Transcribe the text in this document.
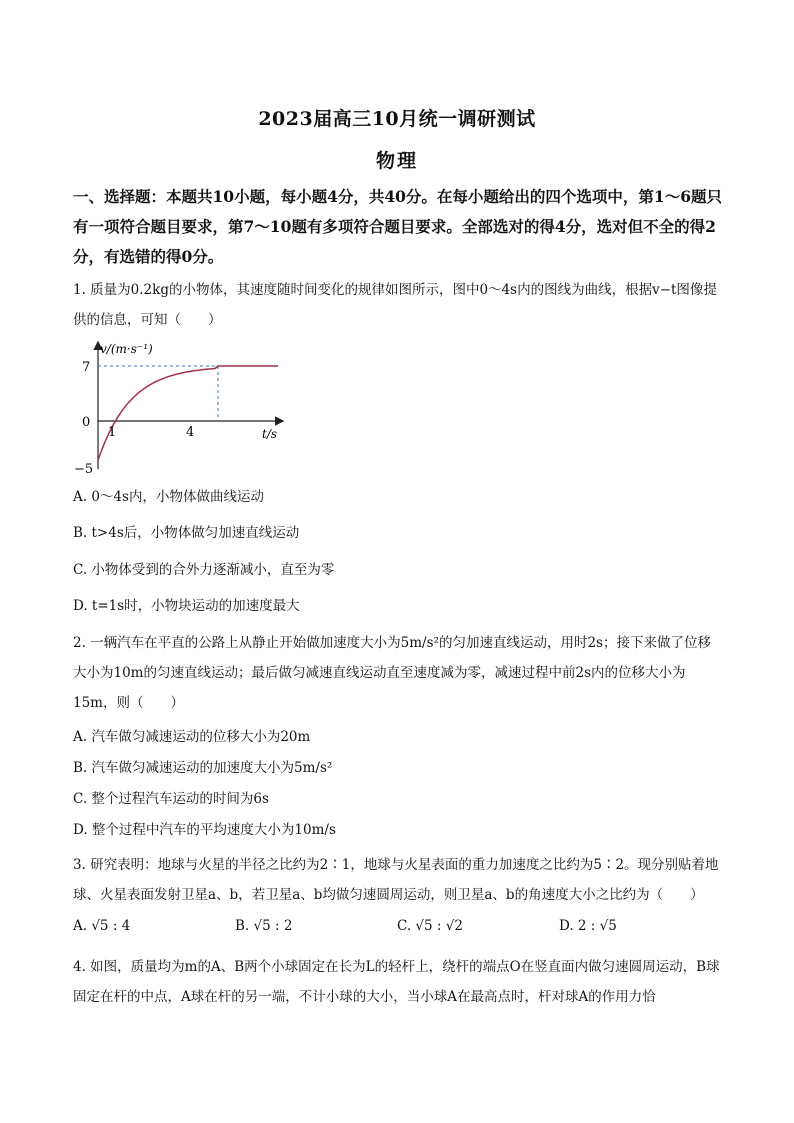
2023届高三10月统一调研测试
物理
一、选择题：本题共10小题，每小题4分，共40分。在每小题给出的四个选项中，第1～6题只有一项符合题目要求，第7～10题有多项符合题目要求。全部选对的得4分，选对但不全的得2分，有选错的得0分。
1. 质量为0.2kg的小物体，其速度随时间变化的规律如图所示，图中0～4s内的图线为曲线，根据v−t图像提供的信息，可知（　　）
v/(m·s⁻¹)
t/s
7
0
−5
1	4
A. 0～4s内，小物体做曲线运动
B. t>4s后，小物体做匀加速直线运动
C. 小物体受到的合外力逐渐减小，直至为零
D. t=1s时，小物块运动的加速度最大
2. 一辆汽车在平直的公路上从静止开始做加速度大小为5m/s²的匀加速直线运动，用时2s；接下来做了位移大小为10m的匀速直线运动；最后做匀减速直线运动直至速度减为零，减速过程中前2s内的位移大小为15m，则（　　）
A. 汽车做匀减速运动的位移大小为20m
B. 汽车做匀减速运动的加速度大小为5m/s²
C. 整个过程汽车运动的时间为6s
D. 整个过程中汽车的平均速度大小为10m/s
3. 研究表明：地球与火星的半径之比约为2∶1，地球与火星表面的重力加速度之比约为5∶2。现分别贴着地球、火星表面发射卫星a、b，若卫星a、b均做匀速圆周运动，则卫星a、b的角速度大小之比约为（　　）
A. √5 : 4	B. √5 : 2	C. √5 : √2	D. 2 : √5
4. 如图，质量均为m的A、B两个小球固定在长为L的轻杆上，绕杆的端点O在竖直面内做匀速圆周运动，B球固定在杆的中点，A球在杆的另一端，不计小球的大小，当小球A在最高点时，杆对球A的作用力恰
